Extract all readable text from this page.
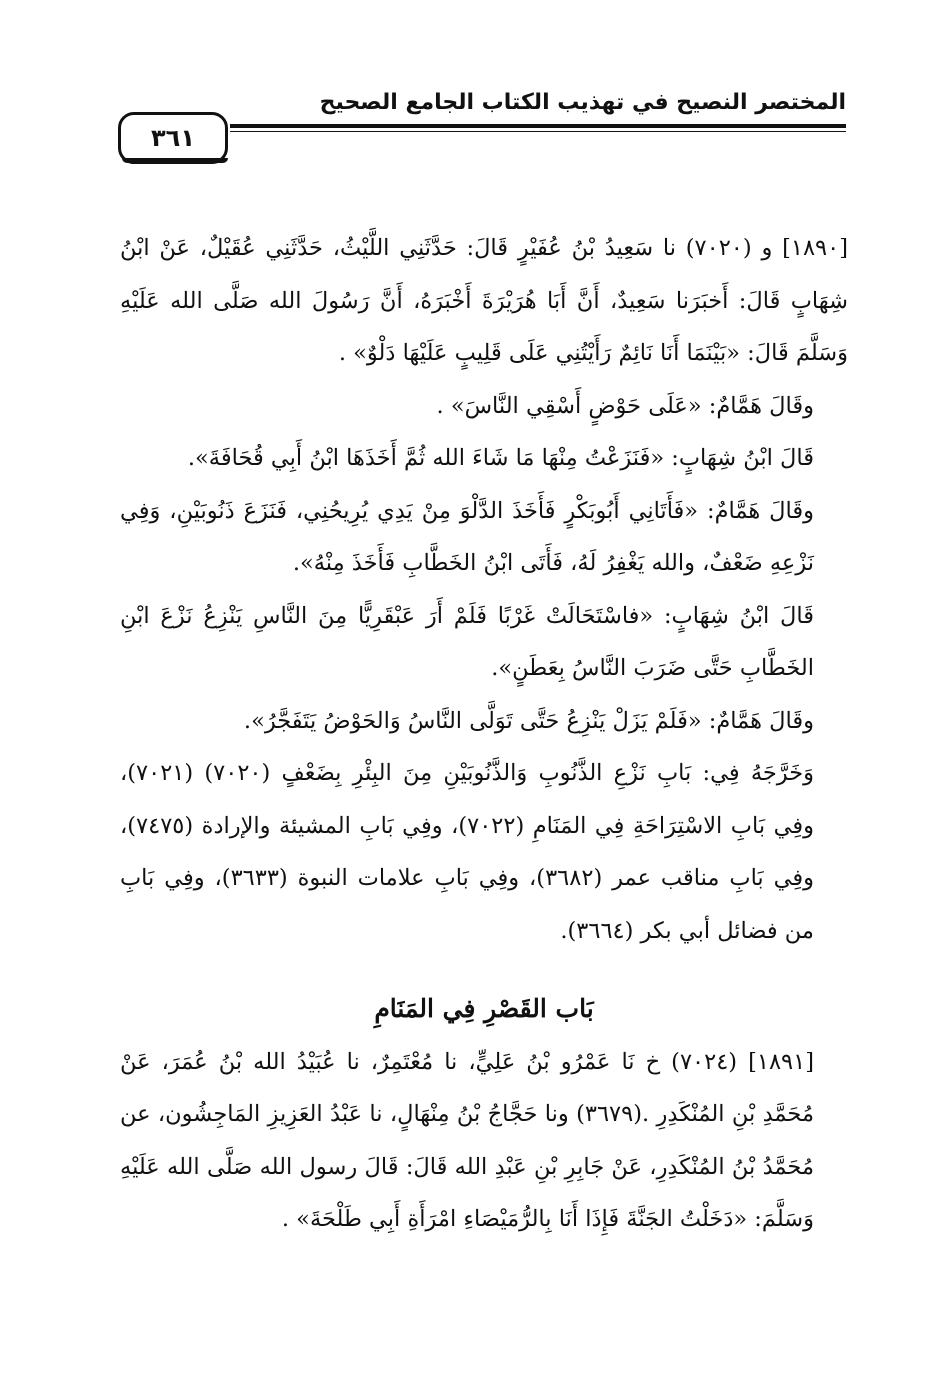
المختصر النصيح في تهذيب الكتاب الجامع الصحيح
٣٦١

[١٨٩٠] و (٧٠٢٠) نا سَعِيدُ بْنُ عُفَيْرٍ قَالَ: حَدَّثَنِي اللَّيْثُ، حَدَّثَنِي عُقَيْلٌ، عَنْ ابْنُ شِهَابٍ قَالَ: أَخبَرَنا سَعِيدٌ، أَنَّ أَبَا هُرَيْرَةَ أَخْبَرَهُ، أَنَّ رَسُولَ الله صَلَّى الله عَلَيْهِ وَسَلَّمَ قَالَ: «بَيْنَمَا أَنَا نَائِمٌ رَأَيْتُنِي عَلَى قَلِيبٍ عَلَيْهَا دَلْوٌ» .

وقَالَ هَمَّامٌ: «عَلَى حَوْضٍ أَسْقِي النَّاسَ» .

قَالَ ابْنُ شِهَابٍ: «فَنَزَعْتُ مِنْهَا مَا شَاءَ الله ثُمَّ أَخَذَهَا ابْنُ أَبِي قُحَافَةَ».

وقَالَ هَمَّامٌ: «فَأَتَانِي أَبُوبَكْرٍ فَأَخَذَ الدَّلْوَ مِنْ يَدِي يُرِيحُنِي، فَنَزَعَ ذَنُوبَيْنِ، وَفِي نَزْعِهِ ضَعْفٌ، والله يَغْفِرُ لَهُ، فَأَتَى ابْنُ الخَطَّابِ فَأَخَذَ مِنْهُ».

قَالَ ابْنُ شِهَابٍ: «فاسْتَحَالَتْ غَرْبًا فَلَمْ أَرَ عَبْقَرِيًّا مِنَ النَّاسِ يَنْزِعُ نَزْعَ ابْنِ الخَطَّابِ حَتَّى ضَرَبَ النَّاسُ بِعَطَنٍ».

وقَالَ هَمَّامٌ: «فَلَمْ يَزَلْ يَنْزِعُ حَتَّى تَوَلَّى النَّاسُ وَالحَوْضُ يَتَفَجَّرُ».

وَخَرَّجَهُ فِي: بَابِ نَزْعِ الذَّنُوبِ وَالذَّنُوبَيْنِ مِنَ البِئْرِ بِضَعْفٍ (٧٠٢٠) (٧٠٢١)، وفِي بَابِ الاسْتِرَاحَةِ فِي المَنَامِ (٧٠٢٢)، وفِي بَابِ المشيئة والإرادة (٧٤٧٥)، وفِي بَابِ مناقب عمر (٣٦٨٢)، وفِي بَابِ علامات النبوة (٣٦٣٣)، وفِي بَابِ من فضائل أبي بكر (٣٦٦٤).

بَاب القَصْرِ فِي المَنَامِ

[١٨٩١] (٧٠٢٤) خ نَا عَمْرُو بْنُ عَلِيٍّ، نا مُعْتَمِرٌ، نا عُبَيْدُ الله بْنُ عُمَرَ، عَنْ مُحَمَّدِ بْنِ المُنْكَدِرِ .(٣٦٧٩) ونا حَجَّاجُ بْنُ مِنْهَالٍ، نا عَبْدُ العَزِيزِ المَاجِشُون، عن مُحَمَّدُ بْنُ المُنْكَدِرِ، عَنْ جَابِرِ بْنِ عَبْدِ الله قَالَ: قَالَ رسول الله صَلَّى الله عَلَيْهِ وَسَلَّمَ: «دَخَلْتُ الجَنَّةَ فَإِذَا أَنَا بِالرُّمَيْصَاءِ امْرَأَةِ أَبِي طَلْحَةَ» .
